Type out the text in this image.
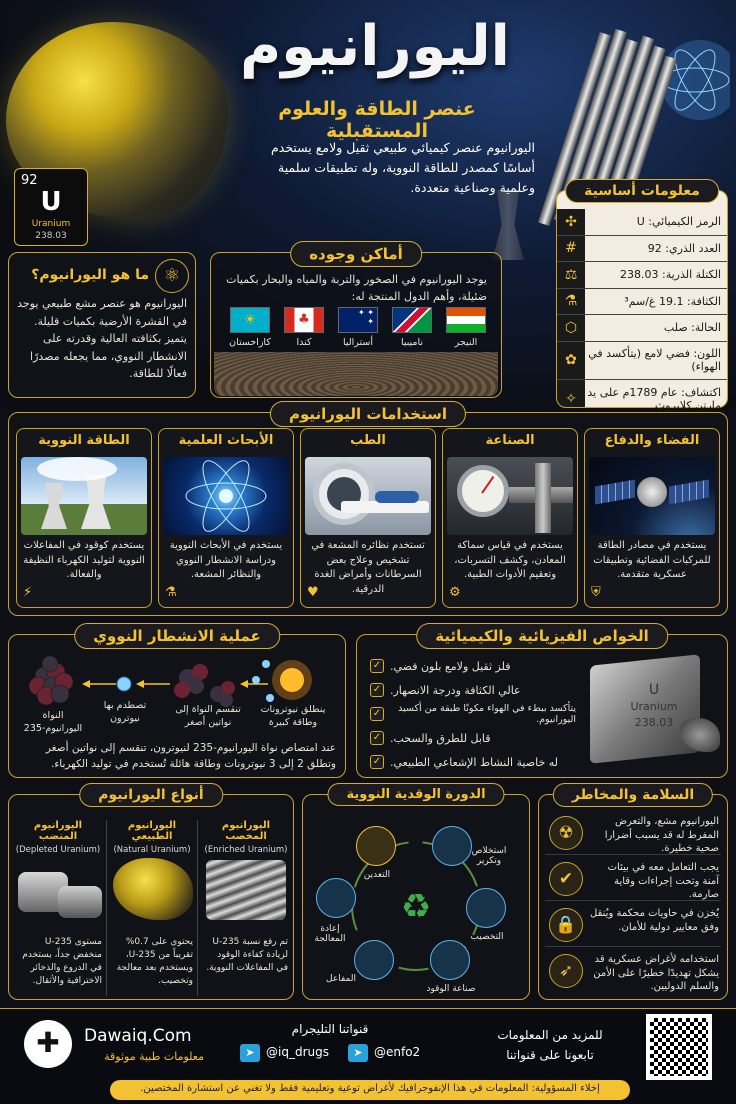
اليورانيوم
عنصر الطاقة والعلوم المستقبلية
اليورانيوم عنصر كيميائي طبيعي ثقيل ولامع يستخدم أساسًا كمصدر للطاقة النووية، وله تطبيقات سلمية وعلمية وصناعية متعددة.
92
U
Uranium
238.03
⚛
ما هو اليورانيوم؟
اليورانيوم هو عنصر مشع طبيعي يوجد في القشرة الأرضية بكميات قليلة. يتميز بكثافته العالية وقدرته على الانشطار النووي، مما يجعله مصدرًا فعالًا للطاقة.
أماكن وجوده
يوجد اليورانيوم في الصخور والتربة والمياه والبحار بكميات ضئيلة، وأهم الدول المنتجة له:
☀	♣	✦ ✦
✦
كازاخستان	كندا	أستراليا	ناميبيا	النيجر
معلومات أساسية
✣	الرمز الكيميائي: U
#	العدد الذري: 92
⚖	الكتلة الذرية: 238.03
⚗	الكثافة: 19.1 غ/سم³
⬡	الحالة: صلب
✿	اللون: فضي لامع (يتأكسد في الهواء)
✧ اكتشاف: عام 1789م على يد مارتن كلابروث
استخدامات اليورانيوم
الطاقة النووية
يستخدم كوقود في المفاعلات النووية لتوليد الكهرباء النظيفة والفعالة.
⚡
الأبحاث العلمية
يستخدم في الأبحاث النووية ودراسة الانشطار النووي والنظائر المشعة.
⚗
الطب
تستخدم نظائره المشعة في تشخيص وعلاج بعض السرطانات وأمراض الغدة الدرقية.
♥
الصناعة
يستخدم في قياس سماكة المعادن، وكشف التسربات، وتعقيم الأدوات الطبية.
⚙
الفضاء والدفاع
يستخدم في مصادر الطاقة للمركبات الفضائية وتطبيقات عسكرية متقدمة.
⛨
عملية الانشطار النووي
النواة اليورانيوم-235
تصطدم بها نيوترون
تنقسم النواة إلى نواتين أصغر
ينطلق نيوترونات وطاقة كبيرة
عند امتصاص نواة اليورانيوم-235 لنيوترون، تنقسم إلى نواتين أصغر وتطلق 2 إلى 3 نيوترونات وطاقة هائلة تُستخدم في توليد الكهرباء.
الخواص الفيزيائية والكيميائية
U
Uranium
238.03
فلز ثقيل ولامع بلون فضي.
✓
عالي الكثافة ودرجة الانصهار.
✓
يتأكسد ببطء في الهواء مكونًا طبقة من أكسيد اليورانيوم.
✓
قابل للطرق والسحب.
✓
له خاصية النشاط الإشعاعي الطبيعي.
✓
أنواع اليورانيوم
اليورانيوم المنضب
(Depleted Uranium)
مستوى U-235 منخفض جداً، يستخدم في الدروع والذخائر الاختراقية والأثقال.
اليورانيوم الطبيعي
(Natural Uranium)
يحتوي على 0.7% تقريباً من U-235، ويستخدم بعد معالجة وتخصيب.
اليورانيوم المخصب
(Enriched Uranium)
تم رفع نسبة U-235 لزيادة كفاءة الوقود في المفاعلات النووية.
الدورة الوقدية النووية
♻
التعدين
استخلاص وتكرير
التخصيب
صناعة الوقود
المفاعل
إعادة المعالجة
السلامة والمخاطر
☢
اليورانيوم مشع، والتعرض المفرط له قد يسبب أضرارا صحية خطيرة.
✔
يجب التعامل معه في بيئات آمنة وتحت إجراءات وقاية صارمة.
🔒
يُخزن في حاويات محكمة ويُنقل وفق معايير دولية للأمان.
➶
استخدامه لأغراض عسكرية قد يشكل تهديدًا خطيرًا على الأمن والسلم الدوليين.
✚	Dawaiq.Com
معلومات طبية موثوقة
قنواتنا التليجرام
➤ @iq_drugs	➤ @enfo2
للمزيد من المعلومات
تابعونا على قنواتنا
إخلاء المسؤولية: المعلومات في هذا الإنفوجرافيك لأغراض توعية وتعليمية فقط ولا تغني عن استشارة المختصين.
